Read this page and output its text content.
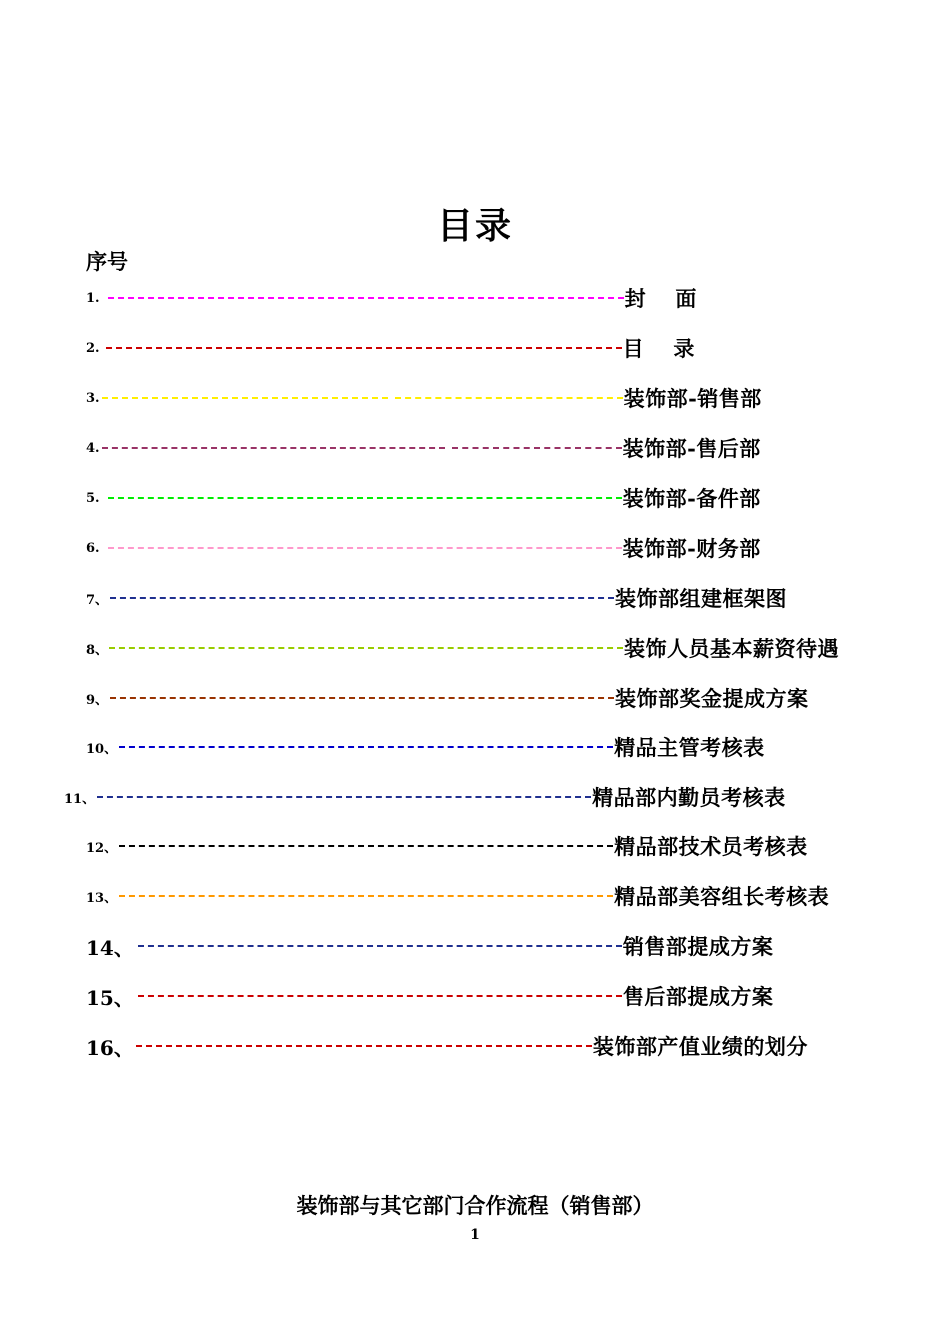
目录
序号
1.	封　 面
2.	目　 录
3.	装饰部-销售部
4.	装饰部-售后部
5.	装饰部-备件部
6.	装饰部-财务部
7、	装饰部组建框架图
8、	装饰人员基本薪资待遇
9、	装饰部奖金提成方案
10、	精品主管考核表
11、	精品部内勤员考核表
12、	精品部技术员考核表
13、	精品部美容组长考核表
14、	销售部提成方案
15、	售后部提成方案
16、	装饰部产值业绩的划分
装饰部与其它部门合作流程（销售部）
1
